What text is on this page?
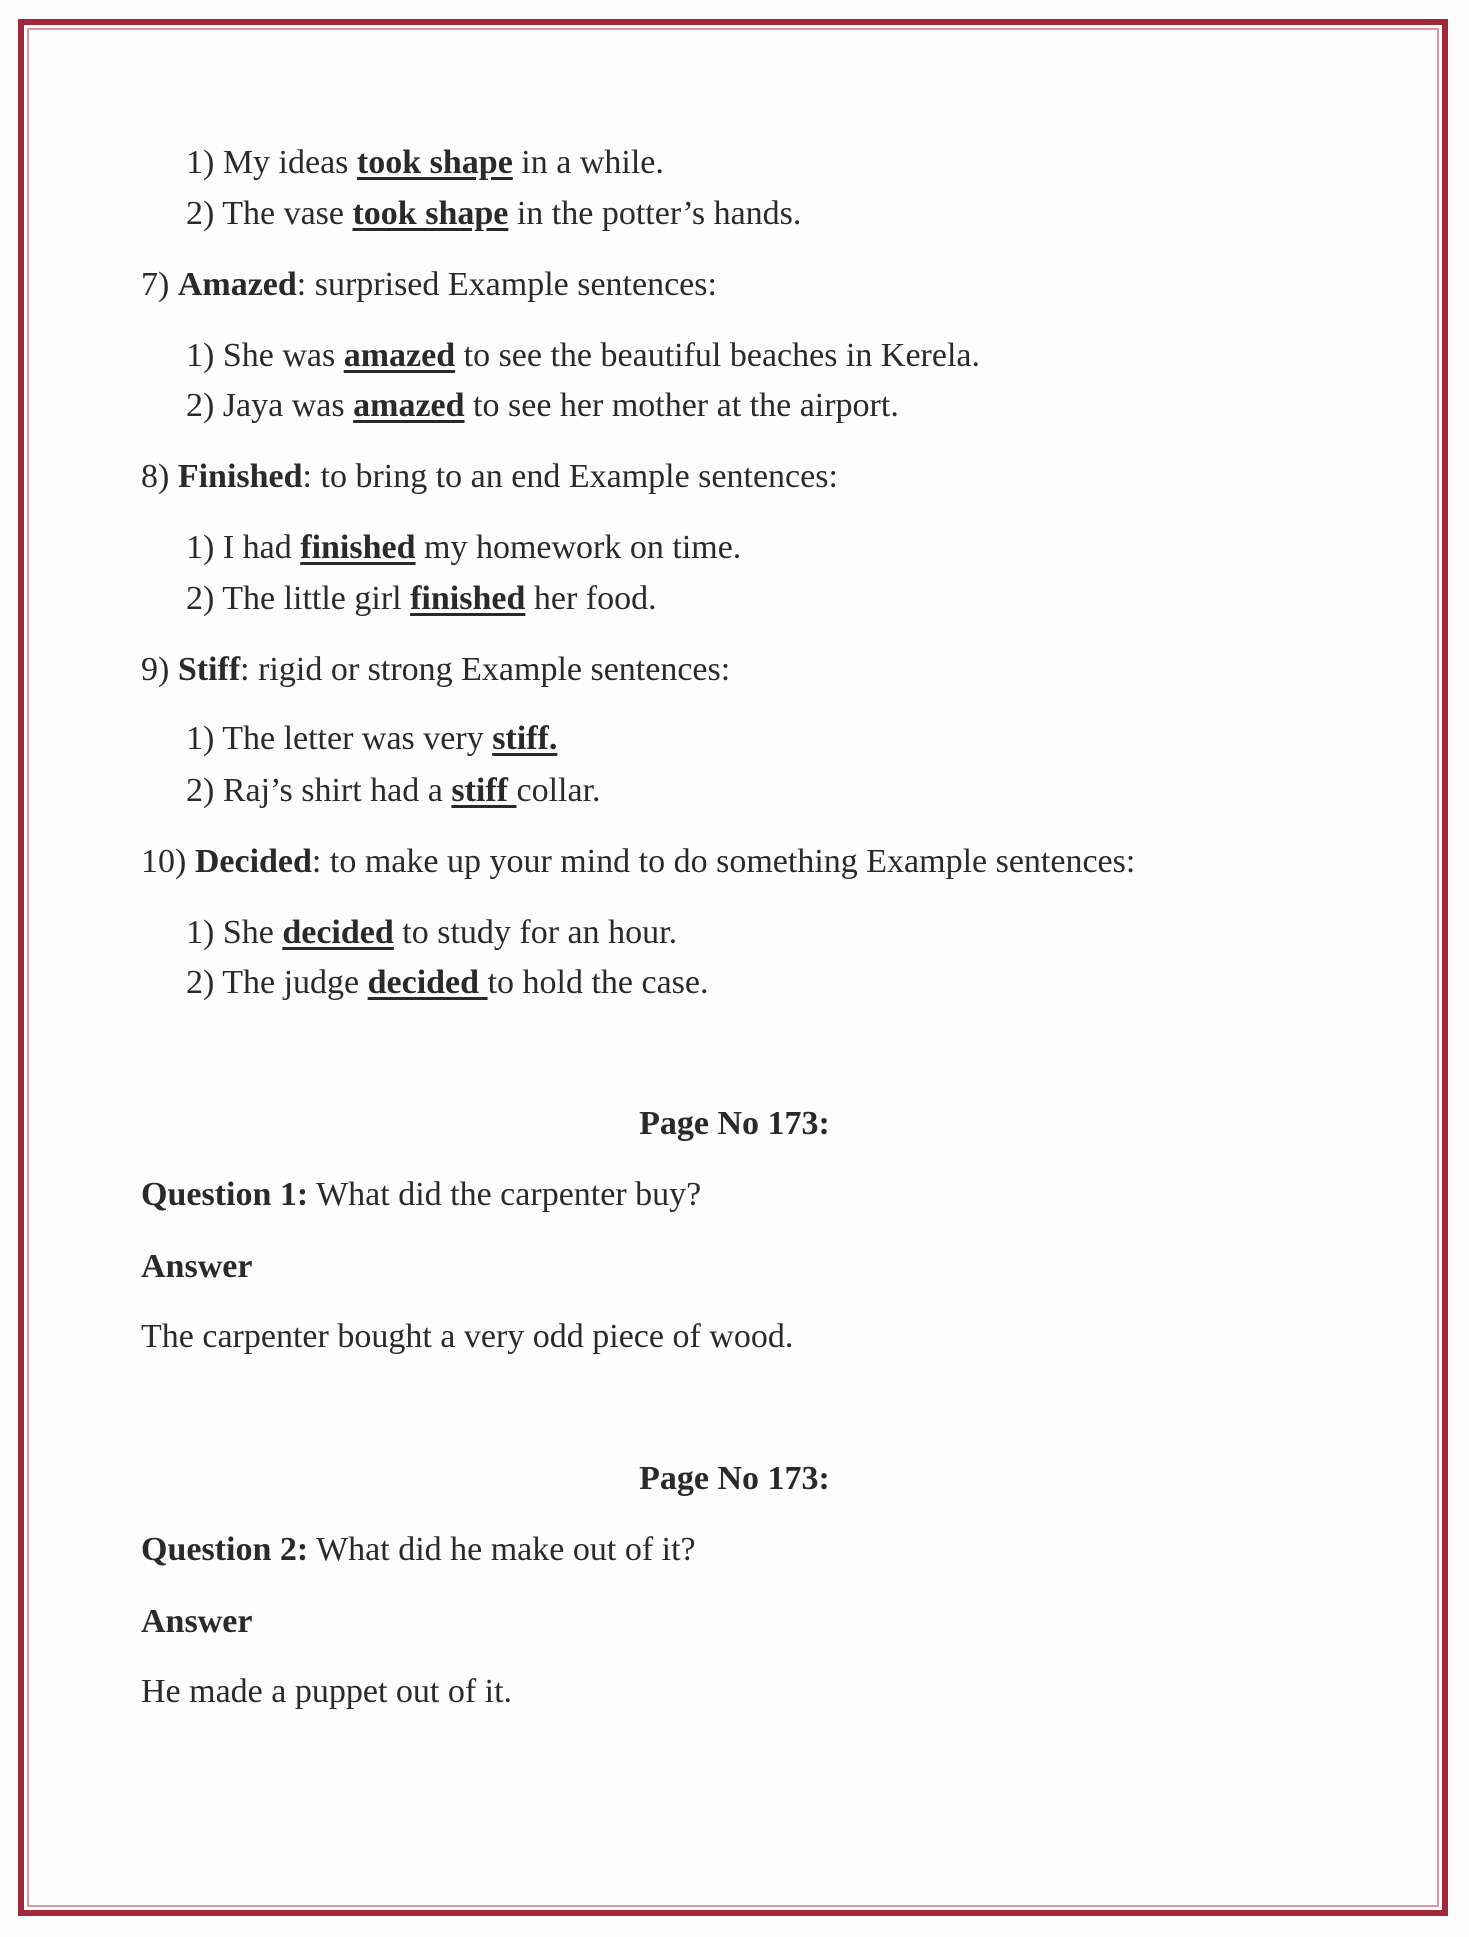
1) My ideas took shape in a while.
2) The vase took shape in the potter’s hands.
7) Amazed: surprised Example sentences:
1) She was amazed to see the beautiful beaches in Kerela.
2) Jaya was amazed to see her mother at the airport.
8) Finished: to bring to an end Example sentences:
1) I had finished my homework on time.
2) The little girl finished her food.
9) Stiff: rigid or strong Example sentences:
1) The letter was very stiff.
2) Raj’s shirt had a stiff collar.
10) Decided: to make up your mind to do something Example sentences:
1) She decided to study for an hour.
2) The judge decided to hold the case.
Page No 173:
Question 1: What did the carpenter buy?
Answer
The carpenter bought a very odd piece of wood.
Page No 173:
Question 2: What did he make out of it?
Answer
He made a puppet out of it.
